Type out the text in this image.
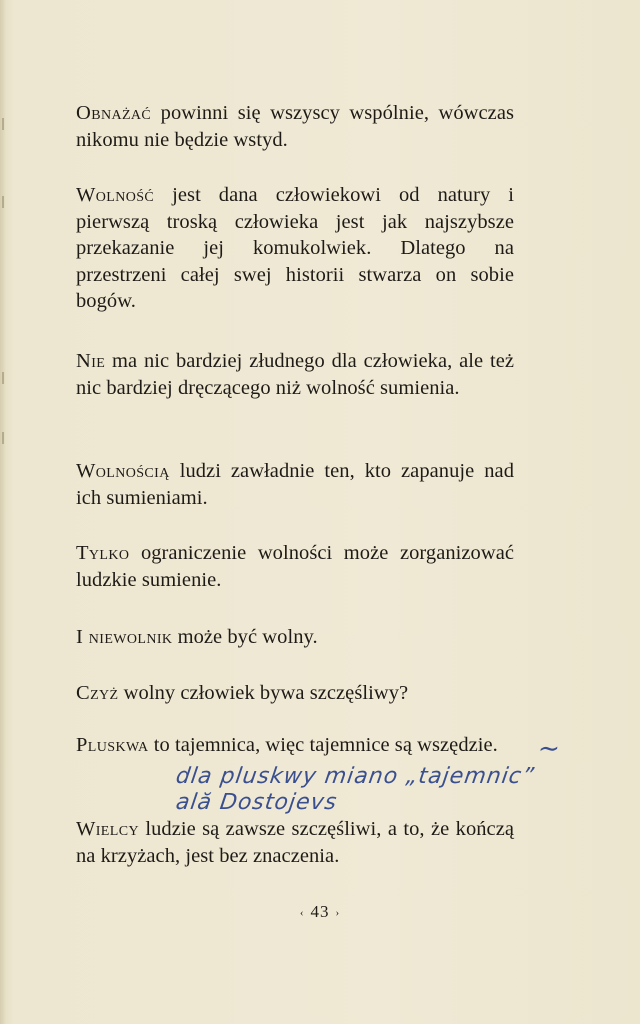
Obnażać powinni się wszyscy wspólnie, wówczas nikomu nie będzie wstyd.

Wolność jest dana człowiekowi od natury i pierwszą troską człowieka jest jak najszybsze przekazanie jej komukolwiek. Dlatego na przestrzeni całej swej historii stwarza on sobie bogów.

Nie ma nic bardziej złudnego dla człowieka, ale też nic bardziej dręczącego niż wolność sumienia.

Wolnością ludzi zawładnie ten, kto zapanuje nad ich sumieniami.

Tylko ograniczenie wolności może zorganizować ludzkie sumienie.

I niewolnik może być wolny.

Czyż wolny człowiek bywa szczęśliwy?

Pluskwa to tajemnica, więc tajemnice są wszędzie.

Wielcy ludzie są zawsze szczęśliwi, a to, że kończą na krzyżach, jest bez znaczenia.

~
dla pluskwy miano „tajemnic”
ală Dostojevs
‹ 43 ›
